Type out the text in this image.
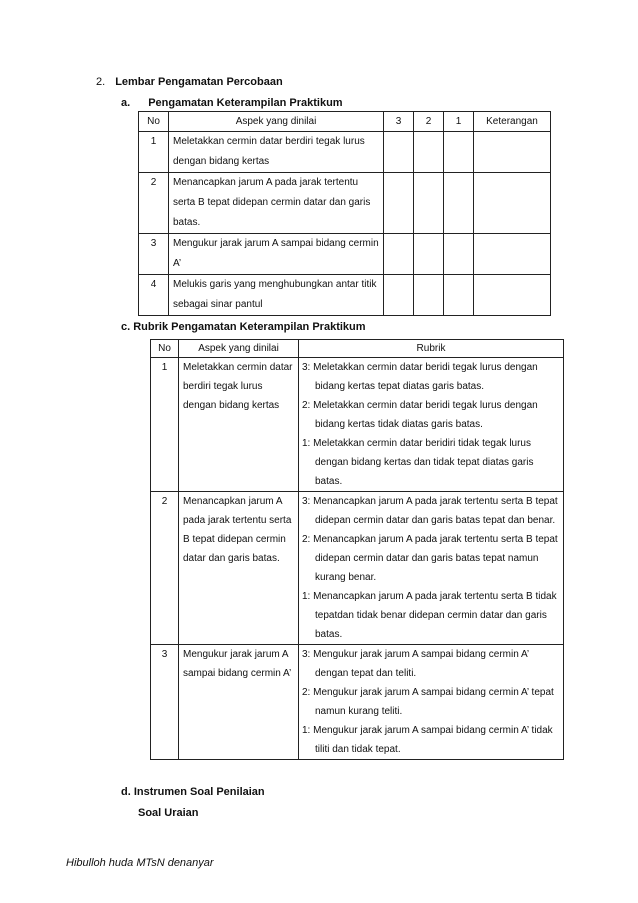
2. Lembar Pengamatan Percobaan
a. Pengamatan Keterampilan Praktikum
No	Aspek yang dinilai	3	2	1	Keterangan
1	Meletakkan cermin datar berdiri tegak lurus dengan bidang kertas				
2	Menancapkan jarum A pada jarak tertentu serta B tepat didepan cermin datar dan garis batas.				
3	Mengukur jarak jarum A sampai bidang cermin A’				
4	Melukis garis yang menghubungkan antar titik sebagai sinar pantul				
c. Rubrik Pengamatan Keterampilan Praktikum
No	Aspek yang dinilai	Rubrik
1	Meletakkan cermin datar berdiri tegak lurus dengan bidang kertas	3: Meletakkan cermin datar beridi tegak lurus dengan bidang kertas tepat diatas garis batas.
2: Meletakkan cermin datar beridi tegak lurus dengan bidang kertas tidak diatas garis batas.
1: Meletakkan cermin datar beridiri tidak tegak lurus dengan bidang kertas dan tidak tepat diatas garis batas.

2	Menancapkan jarum A pada jarak tertentu serta B tepat didepan cermin datar dan garis batas.	3: Menancapkan jarum A pada jarak tertentu serta B tepat didepan cermin datar dan garis batas tepat dan benar.
2: Menancapkan jarum A pada jarak tertentu serta B tepat didepan cermin datar dan garis batas tepat namun kurang benar.
1: Menancapkan jarum A pada jarak tertentu serta B tidak tepatdan tidak benar didepan cermin datar dan garis batas.

3	Mengukur jarak jarum A sampai bidang cermin A’	3: Mengukur jarak jarum A sampai bidang cermin A’ dengan tepat dan teliti.
2: Mengukur jarak jarum A sampai bidang cermin A’ tepat namun kurang teliti.
1: Mengukur jarak jarum A sampai bidang cermin A’ tidak tiliti dan tidak tepat.
d. Instrumen Soal Penilaian
Soal Uraian
Hibulloh huda MTsN denanyar
